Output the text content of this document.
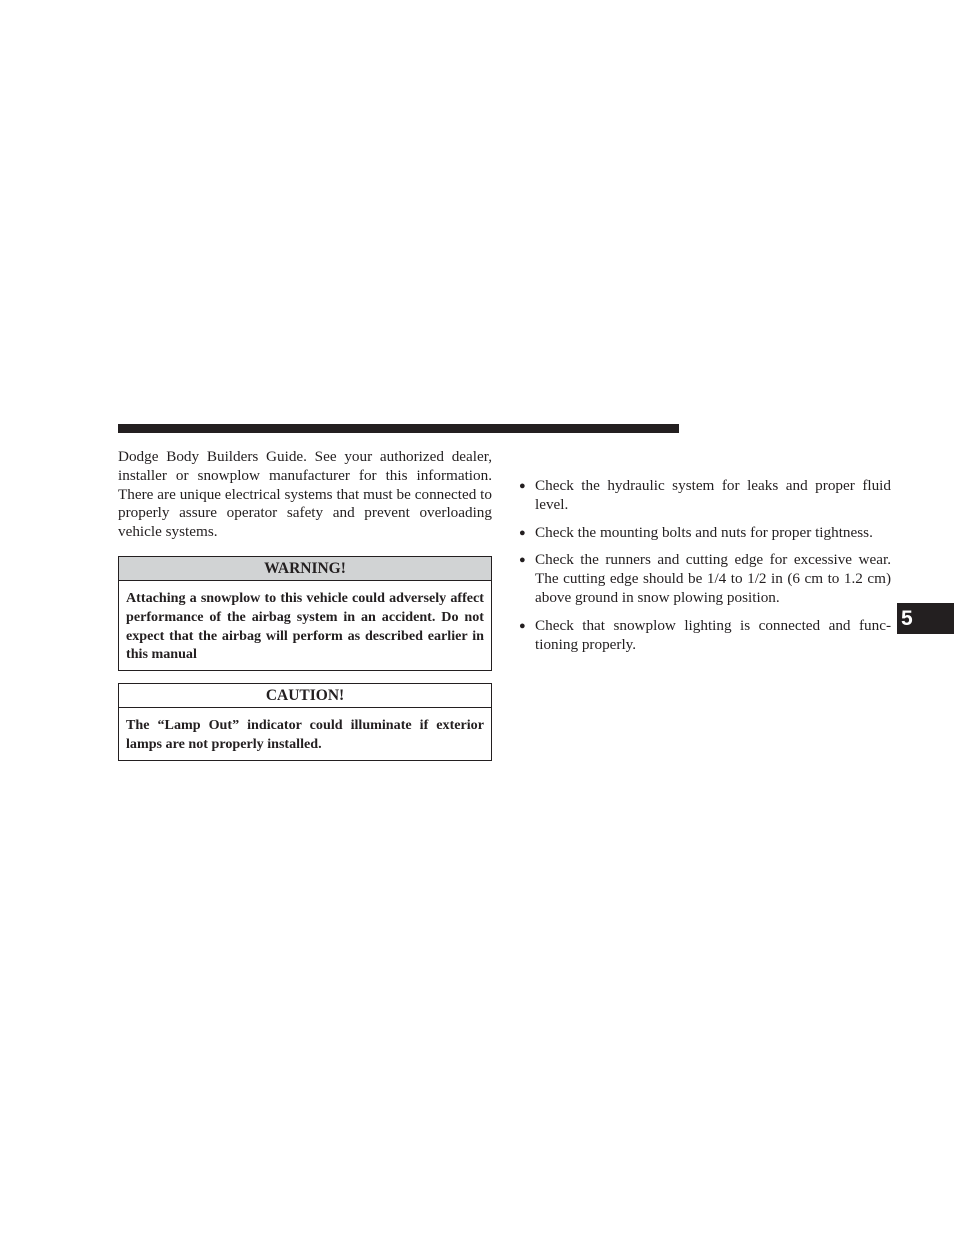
Dodge Body Builders Guide. See your authorized dealer, installer or snowplow manufacturer for this information. There are unique electrical systems that must be connected to properly assure operator safety and prevent overloading vehicle systems.

WARNING!

Attaching a snowplow to this vehicle could adversely affect performance of the airbag system in an accident. Do not expect that the airbag will perform as described earlier in this manual

CAUTION!

The “Lamp Out” indicator could illuminate if exterior lamps are not properly installed.

● Check the hydraulic system for leaks and proper fluid level.
● Check the mounting bolts and nuts for proper tightness.
● Check the runners and cutting edge for excessive wear. The cutting edge should be 1/4 to 1/2 in (6 cm to 1.2 cm) above ground in snow plowing position.
● Check that snowplow lighting is connected and functioning properly.
5
